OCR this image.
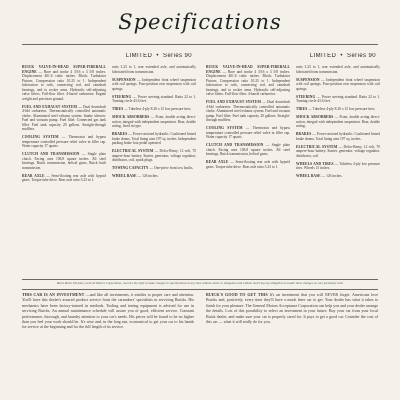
Specifications
LIMITED  •  Series 90
BUICK VALVE-IN-HEAD SUPER-FIREBALL ENGINE — Bore and stroke 4 3/16 x 3 5/8 inches. Displacement 401.6 cubic inches. Block: Turbulator Pistons. Compression ratio 10.25 to 1. Independent lubrication to rods, connecting rod, and camshaft bearings, and to rocker arms. Hydraulic self-adjusting valve lifters. Full-flow filter. 4-barrel carburetor. Engine weight and precision ground.
FUEL AND EXHAUST SYSTEM — Dual downdraft 4-bbl carburetor. Thermostatically controlled automatic choke. Aluminized steel exhaust system. Intake silencer. Fuel and vacuum pump. Fuel filter. Connected gas tank filler. Fuel tank capacity 20 gallons. Straight-through mufflers.
COOLING SYSTEM — Thermostat and bypass temperature controlled pressure relief valve in filler cap. Water capacity 17 quarts.
CLUTCH AND TRANSMISSION — Single plate clutch. Facing area 106.8 square inches. All steel bearings, Buick transmission, helical gears, Buick built transmission.
REAR AXLE — Semi-floating rear axle with hypoid gears. Torque tube drive. Rear axle ratio 3.23 to 1.
ratio 3.23 to 1, rear extended axle, and automatically lubricated from transmission.
SUSPENSION — Independent front wheel suspension with coil springs. Four-position rear suspension with coil springs.
STEERING — Power steering standard. Ratio 22 to 1. Turning circle 43.6 feet.
TIRES — Tubeless 4-ply 8.20 x 15 low pressure tires.
SHOCK ABSORBERS — Front, double acting direct-action, integral with independent suspension. Rear, double acting, fixed in type.
BRAKES — Power-assisted hydraulic. Cushioned finned brake drums. Total lining area 197 sq. inches. Independent parking brake foot pedal operated.
ELECTRICAL SYSTEM — Delco-Remy, 12 volt, 70 ampere-hour battery. Starter, generator, voltage regulator, distributor, coil, spark plugs.
TOWING CAPACITY — One-piece front tow hooks.
WHEEL BASE — 126 inches.
LIMITED  •  Series 90
BUICK VALVE-IN-HEAD SUPER-FIREBALL ENGINE — Bore and stroke 4 3/16 x 3 5/8 inches. Displacement 401.6 cubic inches. Block: Turbulator Pistons. Compression ratio 10.25 to 1. Independent lubrication to rods, connecting rod, and camshaft bearings, and to rocker arms. Hydraulic self-adjusting valve lifters. Full-flow filter. 4-barrel carburetor.
FUEL AND EXHAUST SYSTEM — Dual downdraft 4-bbl carburetor. Thermostatically controlled automatic choke. Aluminized steel exhaust system. Fuel and vacuum pump. Fuel filter. Fuel tank capacity 20 gallons. Straight-through mufflers.
COOLING SYSTEM — Thermostat and bypass temperature controlled pressure relief valve in filler cap. Water capacity 17 quarts.
CLUTCH AND TRANSMISSION — Single plate clutch. Facing area 106.8 square inches. All steel bearings, Buick transmission, helical gears.
REAR AXLE — Semi-floating rear axle with hypoid gears. Torque tube drive. Rear axle ratio 3.23 to 1.
ratio 3.23 to 1, rear extended axle, and automatically lubricated from transmission.
SUSPENSION — Independent front wheel suspension with coil springs. Four-position rear suspension with coil springs.
STEERING — Power steering standard. Ratio 22 to 1. Turning circle 43.6 feet.
TIRES — Tubeless 4-ply 8.20 x 15 low pressure tires.
SHOCK ABSORBERS — Front, double acting direct-action, integral with independent suspension. Rear, double acting.
BRAKES — Power-assisted hydraulic. Cushioned finned brake drums. Total lining area 197 sq. inches.
ELECTRICAL SYSTEM — Delco-Remy, 12 volt, 70 ampere-hour battery. Starter, generator, voltage regulator, distributor, coil.
WHEELS AND TIRES — Tubeless 4-ply low pressure tires. Wheels 15 inches.
WHEEL BASE — 126 inches.
Buick Motor Division, General Motors Corporation, reserves the right to make changes in specifications at any time without notice or obligation and without incurring any obligation to install these changes on cars previously sold.
THIS CAR IS AN INVESTMENT —and like all investments, it entitles to proper care and attention. You'll have this dealer's assured product service from the carmakers' specialists in servicing Buicks. His mechanics have been factory-trained in methods. Tooling and testing equipment is advised for use in servicing Buicks. An annual maintenance schedule will assure you of good, efficient service. Constant performance, thorough, and laundry attention to your car's needs. His prices will be found to be no higher than you feel your work should be. It's wise and, in the long run, economical to get your car to his hands for service at the beginning and for the full length of its service.
BUICK'S GOOD TO GET THIS It's an investment that you will NEVER forget. Americans love Buicks and, positively, every time they'll have a much finer car to get. Your dealer has what it takes to finish for your pleasure. The General Motors Acceptance Corporation can help you and your dealer arrange the details. Lots of this possibility to select an investment in your future. Buy your car from your local Buick dealer, and make sure your car is properly cared for. It pays to get a good car. Consider the cost of this car — what it will really do for you.
